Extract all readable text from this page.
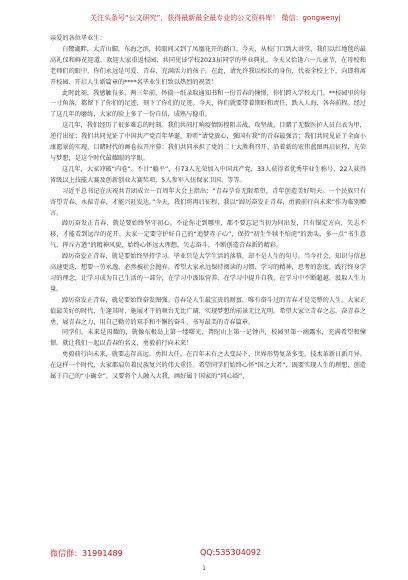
关注头条号“公文研究”，获得最新最全最专业的公文资料库！ 微信：gongwenyj

亲爱的各位毕业生：

白鹭湖畔，大青山脚，东海之滨，转眼间又到了凤凰花开的路口。今天，从校门口到大讲堂，我们以红地毯的最高礼仪和鲜花迎道，欢迎大家重返校园，共同见证学校2023届同学的毕业典礼。今天又恰逢六一儿童节，在母校和老师们的眼中，你们永远是可爱、青春、充满活力的孩子。在此，请允许我以校长的身份，代表全校上下，向即将离开校园、开启人生新篇章的****名毕业生们致以热烈的祝贺！

此时此刻，我感触良多。两三年前，怀揣一纸录取通知书和一份青春的憧憬，你们跨入学校大门。**校园里的每一寸角落，都留下了你们的足迹，刻下了你们的足迹。今天，你们就要带着期盼和责任，跌入人海，各奔前程。经过了这几年的磨练，大家的脸上多了一份自信，成熟与稳重。

这几年，我们经历了很多难忘的时刻。我们共同打响疫情防控阻击战、攻坚战，目睹了无数医护人员白衣为甲，逆行出征；我们共同见证了中国共产党百年华诞，聆听“请党放心，强国有我”的青春最强音；我们共同见证了全面小康愿景的实现，目睹时代的画卷拉开序幕；我们共同承担了党的二十大胜利召开、沿着新的宏伟蓝图再启征程，光荣与梦想，是这个时代最耀眼的字眼。

这几年，大家冲破“内卷”、不甘“躺平”，有73人光荣加入中国共产党，33人获得省优秀毕业生称号，22人获得省级以上技能大赛及创新创业大赛奖项，5人参军入伍保家卫国、等等。

习近平总书记在庆祝共青团成立一百周年大会上指出：“青春孕育无限希望，青年创造美好明天。一个民族只有寄望青春、永葆青春，才能兴旺发达。”今天，我们将再启征程，我以“踔厉奋发正青春，勇毅前行向未来”作为临别赠言。

踔厉奋发正青春，就是要始终坚守初心。不论你走到哪里，都不要忘记当初为何出发，只有锚定方向，矢志不移，才能看到远岸的花开。大家一定要守护好自己的“追梦赤子心”，保持“初生牛犊不怕虎”的劲头，多一点“书生意气、挥斥方遒”的精神风貌，始终心怀远大理想，矢志奋斗，不断创造青春新的精彩。

踔厉奋发正青春，就是要始终坚持学习。毕业只是大学生活的落幕，却不是人生的句号。当今社会，知识与信息高速更迭，想要一劳永逸，必然被社会抛弃。希望大家永远保持阅读的习惯、学习的精神，思考的态度，践行终身学习的理念，让学习成为自己生活的一部分，在学习中汲取营养、在学习中提升自我、在学习中不断超越，汲取人生力量。

踔厉奋发正青春，就是要始终奋发图强。青春是人生最宝贵的财富，唯有奋斗过的青春才是完整的人生。大家正值最美好的时代，生逢其时，施展才干的舞台无比广阔，实现梦想的前景无比光明。希望大家立青春之志，奋青春之勇，展青春之力，用自己勤劳的双手和不懈的奋斗，书写最美的青春篇章。

同学们，未来是闪耀的，就像东极岛上第一缕曙光，普陀山上第一记钟声，校园里第一滴露水，充满希望和憧憬。就让我们一起以青春的名义，勇毅前行向未来！

勇毅前行向未来，就要志存高远。勇担大任。在百年未有之大变局下，世界形势复杂多变，技术革新日新月异。在这样一个时代，大家都肩负着民族复兴的伟大重任。希望同学们始终心怀“国之大者”，既要实现人生的理想，创造属于自己的“小确幸”，又要将个人融入大我，画好属于国家的“同心圆”，

微信群：31991489	QQ:535304092
1
